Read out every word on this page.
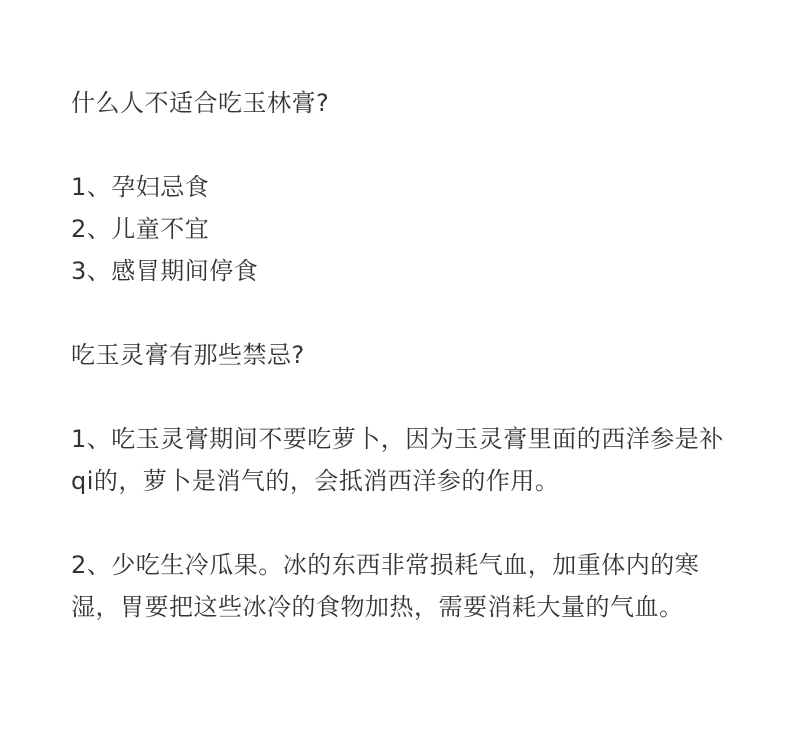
什么人不适合吃玉林膏?

1、孕妇忌食
2、儿童不宜
3、感冒期间停食

吃玉灵膏有那些禁忌?

1、吃玉灵膏期间不要吃萝卜，因为玉灵膏里面的西洋参是补qi的，萝卜是消气的，会抵消西洋参的作用。

2、少吃生冷瓜果。冰的东西非常损耗气血，加重体内的寒湿，胃要把这些冰冷的食物加热，需要消耗大量的气血。
